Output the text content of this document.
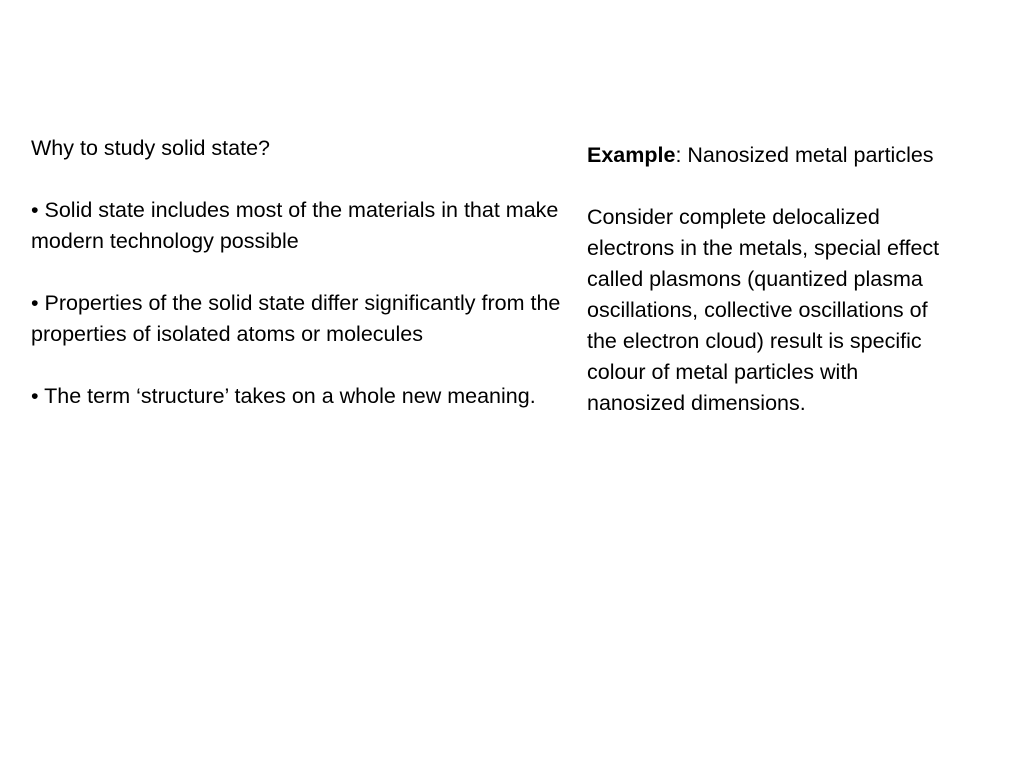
Why to study solid state?

• Solid state includes most of the materials in that make modern technology possible

• Properties of the solid state differ significantly from the properties of isolated atoms or molecules

• The term ‘structure’ takes on a whole new meaning.

Example: Nanosized metal particles

Consider complete delocalized electrons in the metals, special effect called plasmons (quantized plasma oscillations, collective oscillations of the electron cloud) result is specific colour of metal particles with nanosized dimensions.
